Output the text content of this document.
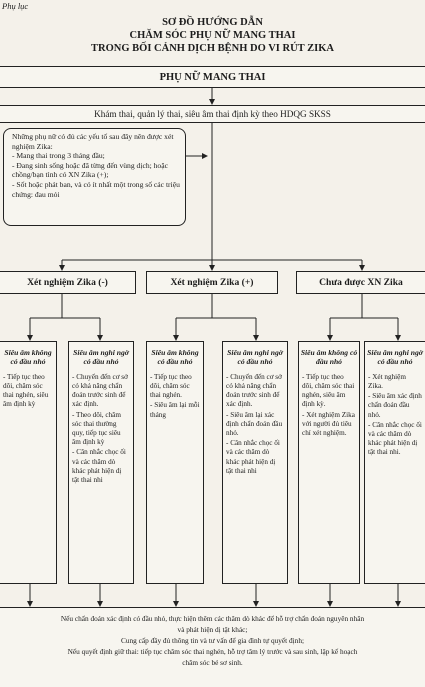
Phụ lục
SƠ ĐỒ HƯỚNG DẪN
CHĂM SÓC PHỤ NỮ MANG THAI
TRONG BỐI CẢNH DỊCH BỆNH DO VI RÚT ZIKA
PHỤ NỮ MANG THAI
Khám thai, quản lý thai, siêu âm thai định kỳ theo HDQG SKSS
Những phụ nữ có đủ các yếu tố sau đây nên được xét nghiệm Zika:
- Mang thai trong 3 tháng đầu;
- Đang sinh sống hoặc đã từng đến vùng dịch; hoặc chồng/bạn tình có XN Zika (+);
- Sốt hoặc phát ban, và có ít nhất một trong số các triệu chứng: đau mỏi
Xét nghiệm Zika (-)	Xét nghiệm Zika (+)	Chưa được XN Zika
Siêu âm không có đầu nhỏ
- Tiếp tục theo dõi, chăm sóc thai nghén, siêu âm định kỳ
Siêu âm nghi ngờ có đầu nhỏ
- Chuyển đến cơ sở có khả năng chẩn đoán trước sinh để xác định.
- Theo dõi, chăm sóc thai thường quy, tiếp tục siêu âm định kỳ
- Cân nhắc chọc ối và các thăm dò khác phát hiện dị tật thai nhi
Siêu âm không có đầu nhỏ
- Tiếp tục theo dõi, chăm sóc thai nghén.
- Siêu âm lại mỗi tháng
Siêu âm nghi ngờ có đầu nhỏ
- Chuyển đến cơ sở có khả năng chẩn đoán trước sinh để xác định.
- Siêu âm lại xác định chẩn đoán đầu nhỏ.
- Cân nhắc chọc ối và các thăm dò khác phát hiện dị tật thai nhi
Siêu âm không có đầu nhỏ
- Tiếp tục theo dõi, chăm sóc thai nghén, siêu âm định kỳ.
- Xét nghiệm Zika với người đủ tiêu chí xét nghiệm.
Siêu âm nghi ngờ có đầu nhỏ
- Xét nghiệm Zika.
- Siêu âm xác định chẩn đoán đầu nhỏ.
- Cân nhắc chọc ối và các thăm dò khác phát hiện dị tật thai nhi.
Nếu chẩn đoán xác định có đầu nhỏ, thực hiện thêm các thăm dò khác để hỗ trợ chẩn đoán nguyên nhân
và phát hiện dị tật khác;
Cung cấp đầy đủ thông tin và tư vấn để gia đình tự quyết định;
Nếu quyết định giữ thai: tiếp tục chăm sóc thai nghén, hỗ trợ tâm lý trước và sau sinh, lập kế hoạch
chăm sóc bé sơ sinh.
